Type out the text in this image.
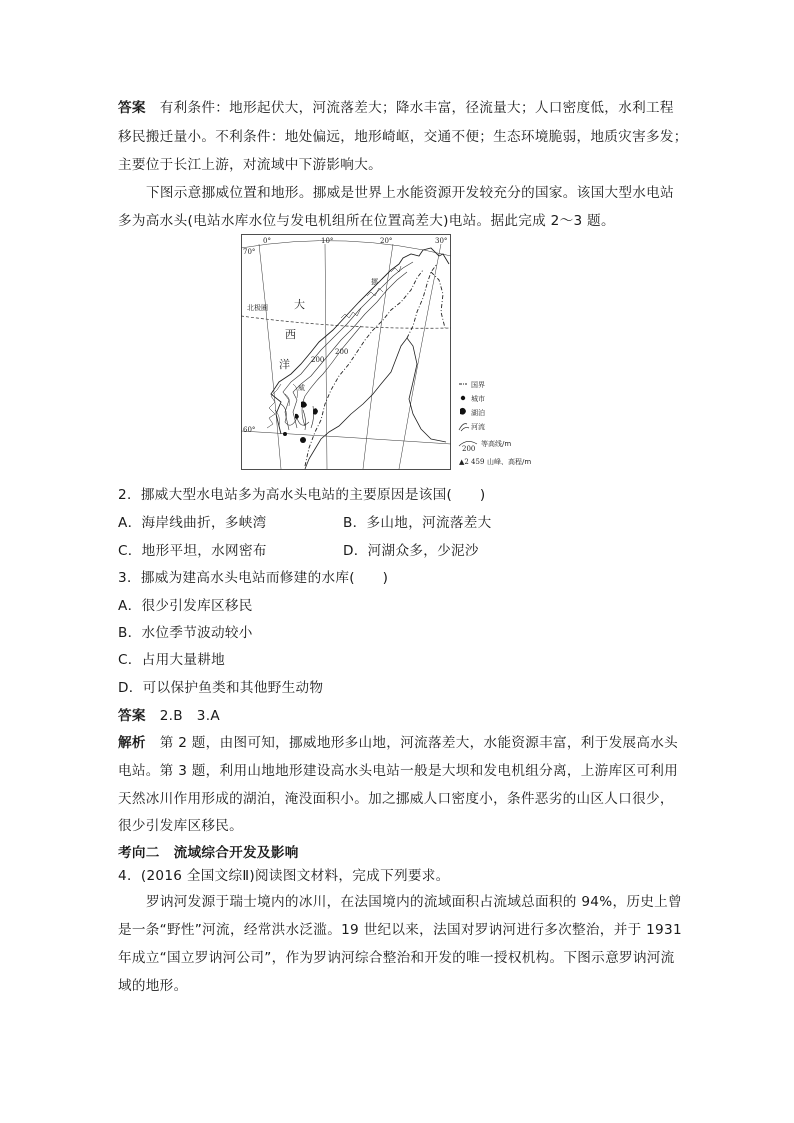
答案　 有利条件：地形起伏大，河流落差大；降水丰富，径流量大；人口密度低，水利工程
移民搬迁量小。不利条件：地处偏远，地形崎岖，交通不便；生态环境脆弱，地质灾害多发；
主要位于长江上游，对流域中下游影响大。
下图示意挪威位置和地形。挪威是世界上水能资源开发较充分的国家。该国大型水电站
多为高水头(电站水库水位与发电机组所在位置高差大)电站。据此完成 2～3 题。
0°	10°	20°	30°
70°
60°
北极圈 大
西
洋
挪
威
200
200
国界
城市
湖泊
河流
200
等高线/m
▲2 459 山峰、高程/m
2．挪威大型水电站多为高水头电站的主要原因是该国(　　)
A．海岸线曲折，多峡湾	B．多山地，河流落差大
C．地形平坦，水网密布	D．河湖众多，少泥沙
3．挪威为建高水头电站而修建的水库(　　)
A．很少引发库区移民
B．水位季节波动较小
C．占用大量耕地
D．可以保护鱼类和其他野生动物
答案　 2.B　3.A
解析　 第 2 题，由图可知，挪威地形多山地，河流落差大，水能资源丰富，利于发展高水头
电站。第 3 题，利用山地地形建设高水头电站一般是大坝和发电机组分离，上游库区可利用
天然冰川作用形成的湖泊，淹没面积小。加之挪威人口密度小，条件恶劣的山区人口很少，
很少引发库区移民。
考向二　流域综合开发及影响
4．(2016 全国文综Ⅱ)阅读图文材料，完成下列要求。
罗讷河发源于瑞士境内的冰川，在法国境内的流域面积占流域总面积的 94%，历史上曾
是一条“野性”河流，经常洪水泛滥。19 世纪以来，法国对罗讷河进行多次整治，并于 1931
年成立“国立罗讷河公司”，作为罗讷河综合整治和开发的唯一授权机构。下图示意罗讷河流
域的地形。
